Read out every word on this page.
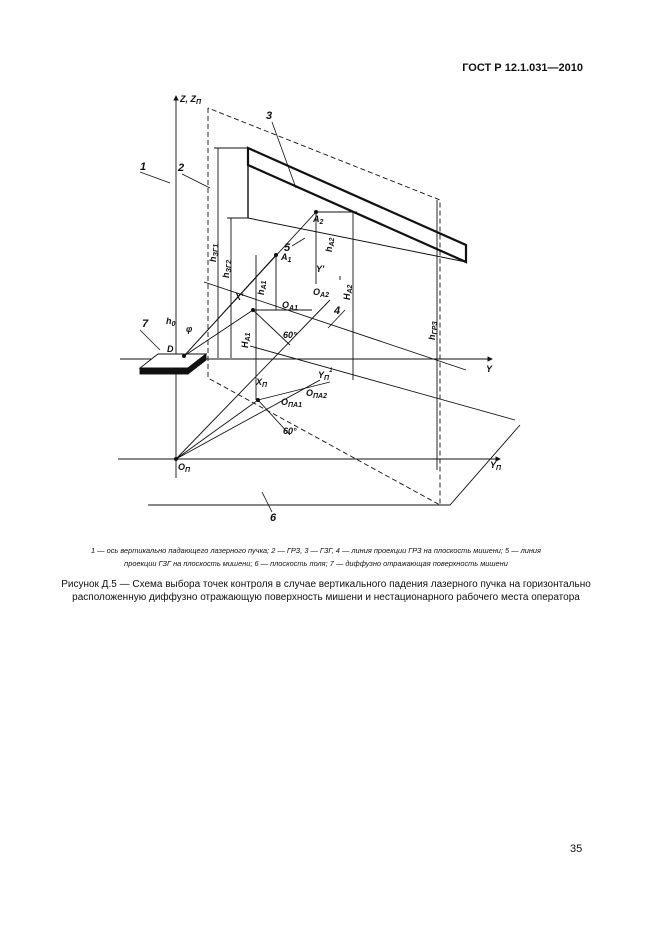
ГОСТ Р 12.1.031—2010
Z, $Z_П$
Y
$Y_П$
$O_П$
D
$A_1$
$A_2$
$O_{A1}$
$O_{A2}$
$O_{ПА1}$
$O_{ПА2}$
$X_П$
Y'
$Y_П^1$
X'
60°
60°
$h_{ЗГ1}$
$h_{ЗГ2}$
$h_{A1}$
$h_{A2}$
$H_{A1}$
$H_{A2}$
$h_{ГРЗ}$
$h_0$ φ
1	2
3
4
5
6
7
1 — ось вертикально падающего лазерного пучка; 2 — ГРЗ, 3 — ГЗГ, 4 — линия проекции ГРЗ на плоскость мишени; 5 — линия
проекции ГЗГ на плоскость мишени; 6 — плоскость поля; 7 — диффузно отражающая поверхность мишени
Рисунок Д.5 — Схема выбора точек контроля в случае вертикального падения лазерного пучка на горизонтально
расположенную диффузно отражающую поверхность мишени и нестационарного рабочего места оператора
35
